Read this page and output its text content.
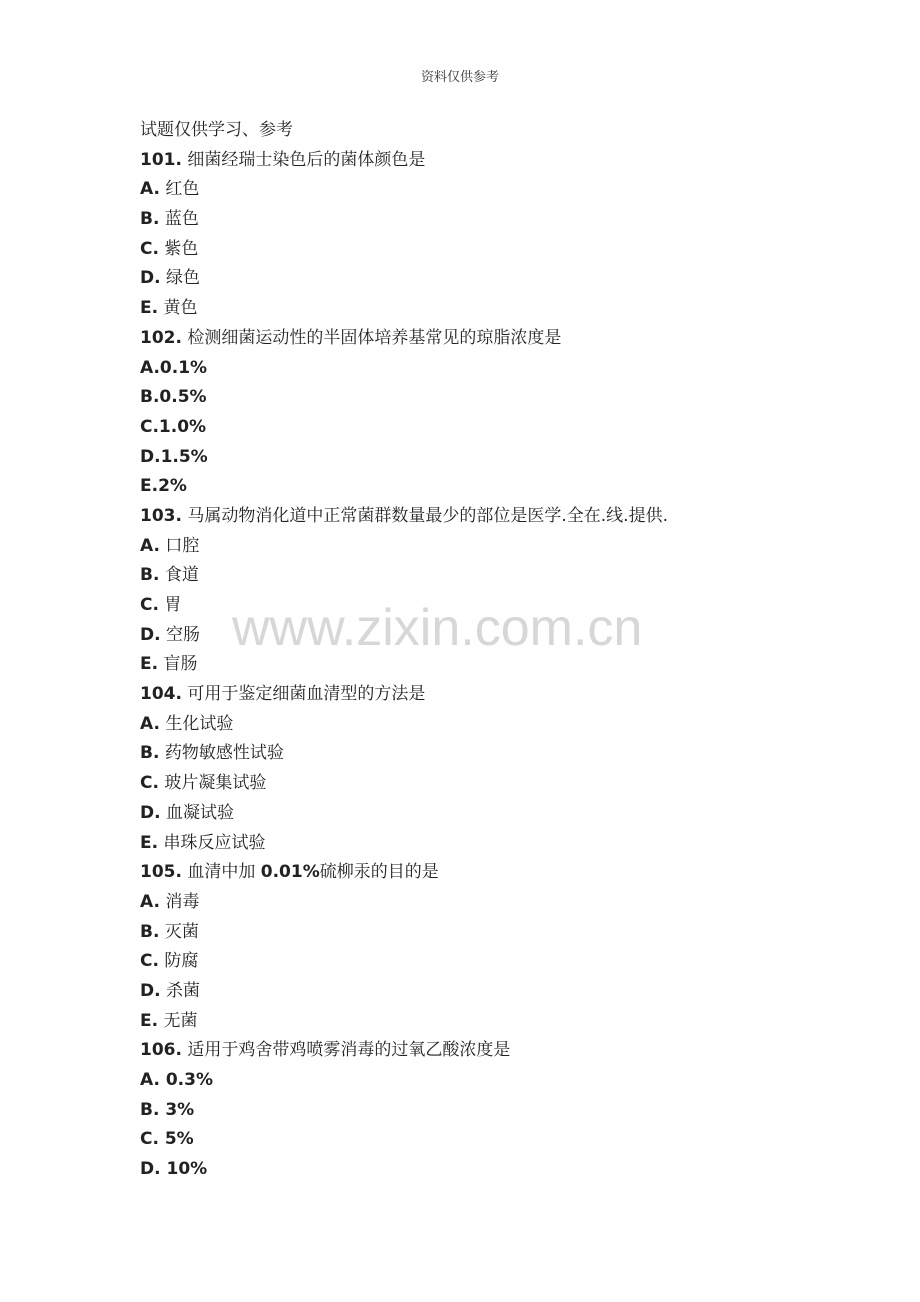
资料仅供参考
试题仅供学习、参考
101. 细菌经瑞士染色后的菌体颜色是
A. 红色
B. 蓝色
C. 紫色
D. 绿色
E. 黄色
102. 检测细菌运动性的半固体培养基常见的琼脂浓度是
A.0.1%
B.0.5%
C.1.0%
D.1.5%
E.2%
103. 马属动物消化道中正常菌群数量最少的部位是医学.全在.线.提供.
A. 口腔
B. 食道
C. 胃
D. 空肠
E. 盲肠
104. 可用于鉴定细菌血清型的方法是
A. 生化试验
B. 药物敏感性试验
C. 玻片凝集试验
D. 血凝试验
E. 串珠反应试验
105. 血清中加 0.01%硫柳汞的目的是
A. 消毒
B. 灭菌
C. 防腐
D. 杀菌
E. 无菌
106. 适用于鸡舍带鸡喷雾消毒的过氧乙酸浓度是
A. 0.3%
B. 3%
C. 5%
D. 10%
www.zixin.com.cn
